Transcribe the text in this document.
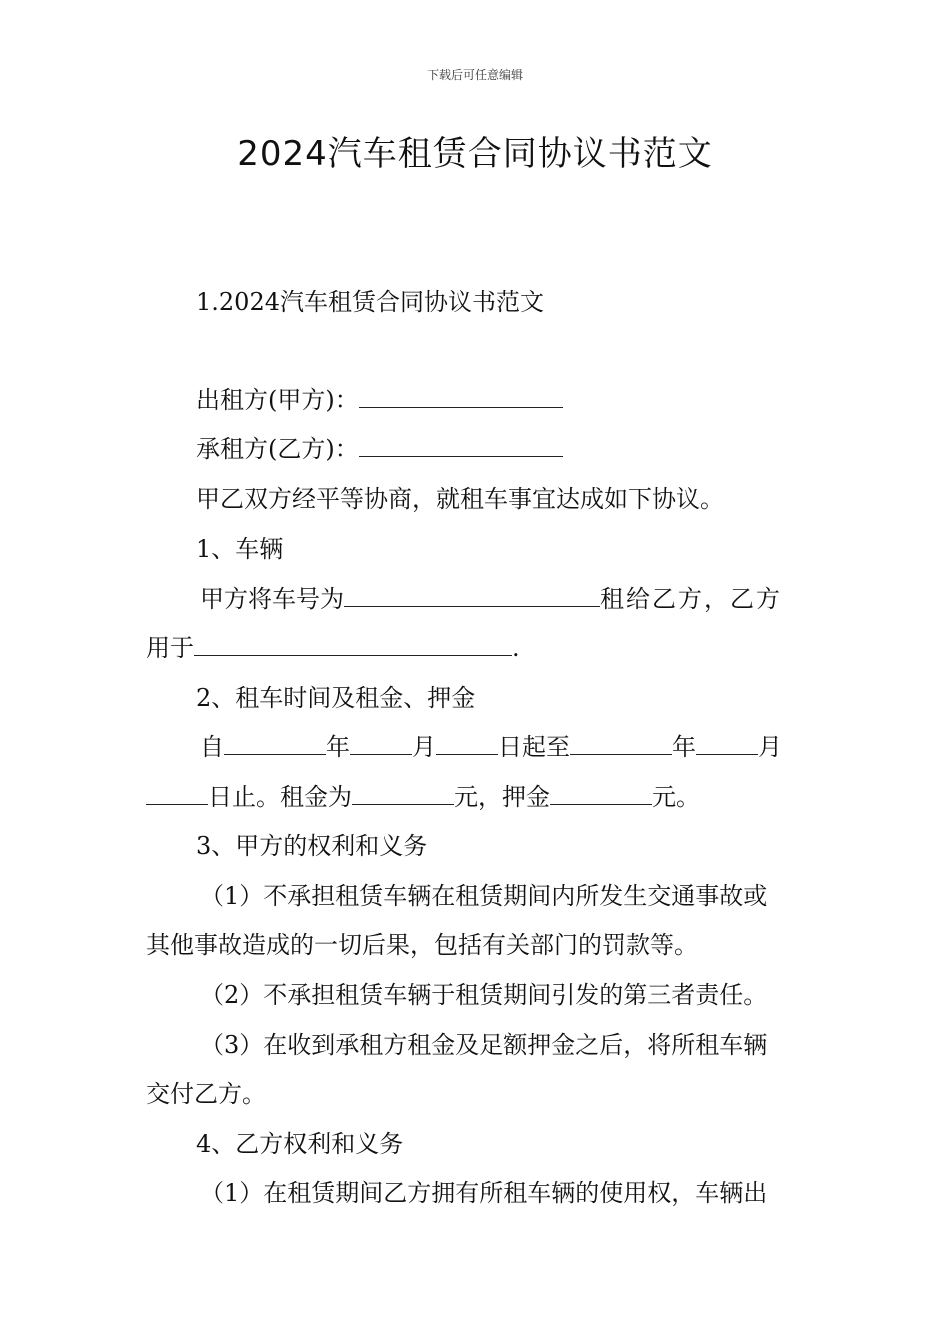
下载后可任意编辑
2024汽车租赁合同协议书范文
1.2024汽车租赁合同协议书范文
出租方(甲方)：
承租方(乙方)：
甲乙双方经平等协商，就租车事宜达成如下协议。
1、车辆
甲方将车号为	租给乙方，乙方
用于	.
2、租车时间及租金、押金
自	年	月	日起至	年	月
日止。租金为	元，押金	元。
3、甲方的权利和义务
（1）不承担租赁车辆在租赁期间内所发生交通事故或
其他事故造成的一切后果，包括有关部门的罚款等。
（2）不承担租赁车辆于租赁期间引发的第三者责任。
（3）在收到承租方租金及足额押金之后，将所租车辆
交付乙方。
4、乙方权利和义务
（1）在租赁期间乙方拥有所租车辆的使用权，车辆出
